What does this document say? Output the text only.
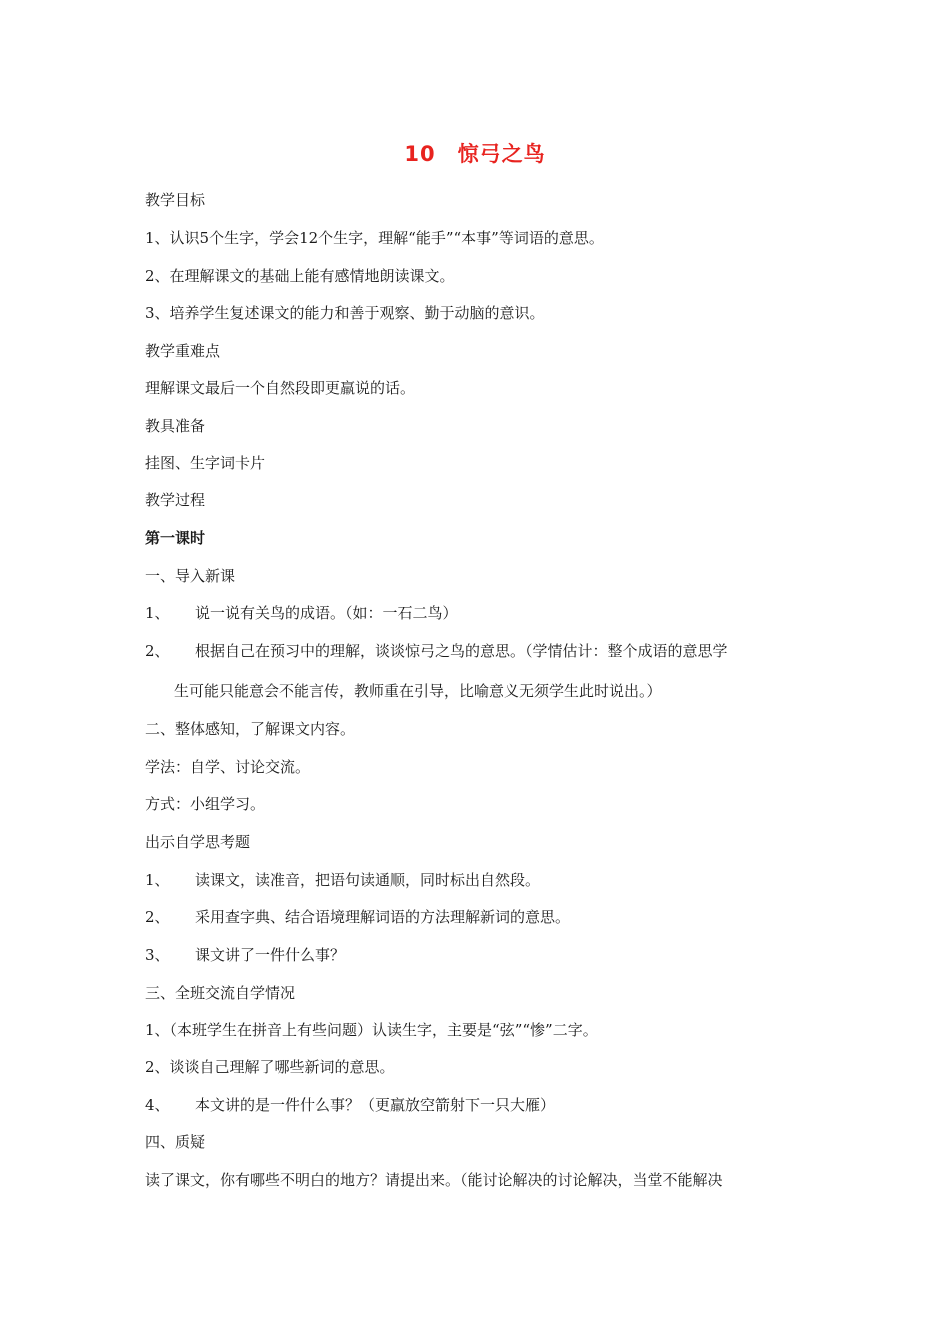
10　惊弓之鸟
教学目标
1、认识5个生字，学会12个生字，理解“能手”“本事”等词语的意思。
2、在理解课文的基础上能有感情地朗读课文。
3、培养学生复述课文的能力和善于观察、勤于动脑的意识。
教学重难点
理解课文最后一个自然段即更羸说的话。
教具准备
挂图、生字词卡片
教学过程
第一课时
一、导入新课
1、 说一说有关鸟的成语。（如：一石二鸟）
2、 根据自己在预习中的理解，谈谈惊弓之鸟的意思。（学情估计：整个成语的意思学
生可能只能意会不能言传，教师重在引导，比喻意义无须学生此时说出。）
二、整体感知，了解课文内容。
学法：自学、讨论交流。
方式：小组学习。
出示自学思考题
1、 读课文，读准音，把语句读通顺，同时标出自然段。
2、 采用查字典、结合语境理解词语的方法理解新词的意思。
3、 课文讲了一件什么事？
三、全班交流自学情况
1、（本班学生在拼音上有些问题）认读生字，主要是“弦”“惨”二字。
2、谈谈自己理解了哪些新词的意思。
4、 本文讲的是一件什么事？（更羸放空箭射下一只大雁）
四、质疑
读了课文，你有哪些不明白的地方？请提出来。（能讨论解决的讨论解决，当堂不能解决
